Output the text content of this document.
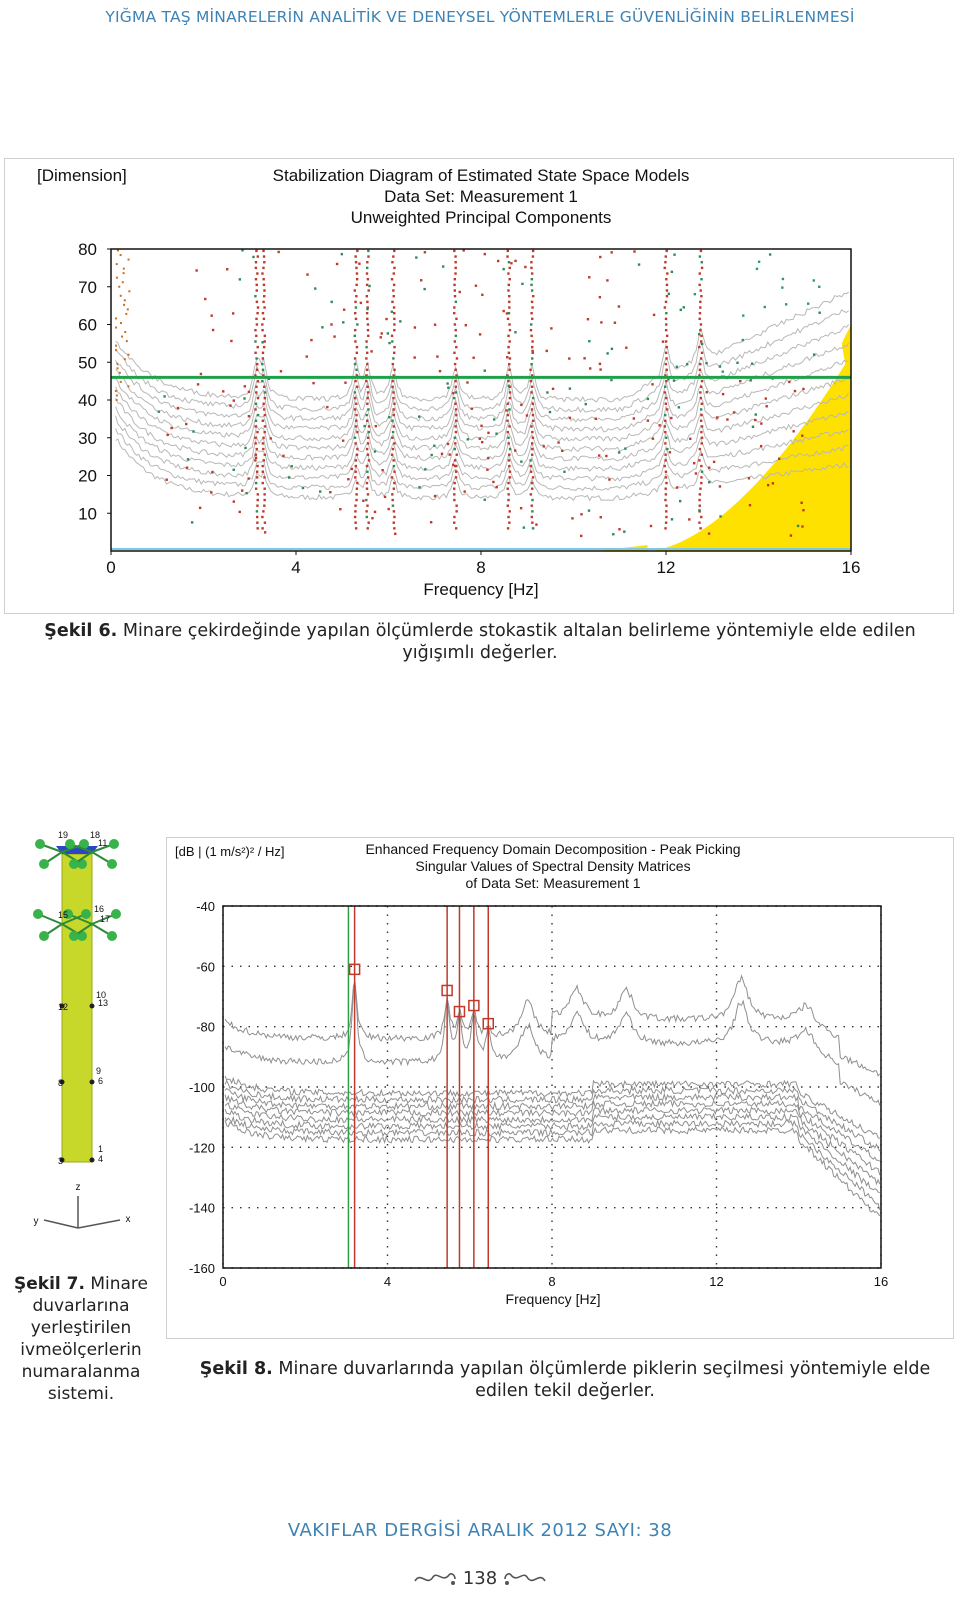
YIĞMA TAŞ MİNARELERİN ANALİTİK VE DENEYSEL YÖNTEMLERLE GÜVENLİĞİNİN BELİRLENMESİ
[Dimension]	Stabilization Diagram of Estimated State Space Models
Data Set: Measurement 1
Unweighted Principal Components
Frequency [Hz]
0	4	8	12	16
10
20
30
40
50
60
70
80
Şekil 6. Minare çekirdeğinde yapılan ölçümlerde stokastik altalan belirleme yöntemiyle elde edilen yığışımlı değerler.
19 18
11
16
17
15
10
13
12
9
6
8
1
4
3
z
x
y
Şekil 7. Minare duvarlarına yerleştirilen ivmeölçerlerin numaralanma sistemi.
[dB | (1 m/s²)² / Hz]	Enhanced Frequency Domain Decomposition - Peak Picking
Singular Values of Spectral Density Matrices
of Data Set: Measurement 1
Frequency [Hz]
-40
-60
-80
-100
-120
-140
-160
0	4	8	12	16
Şekil 8. Minare duvarlarında yapılan ölçümlerde piklerin seçilmesi yöntemiyle elde edilen tekil değerler.
VAKIFLAR DERGİSİ ARALIK 2012 SAYI: 38
138
